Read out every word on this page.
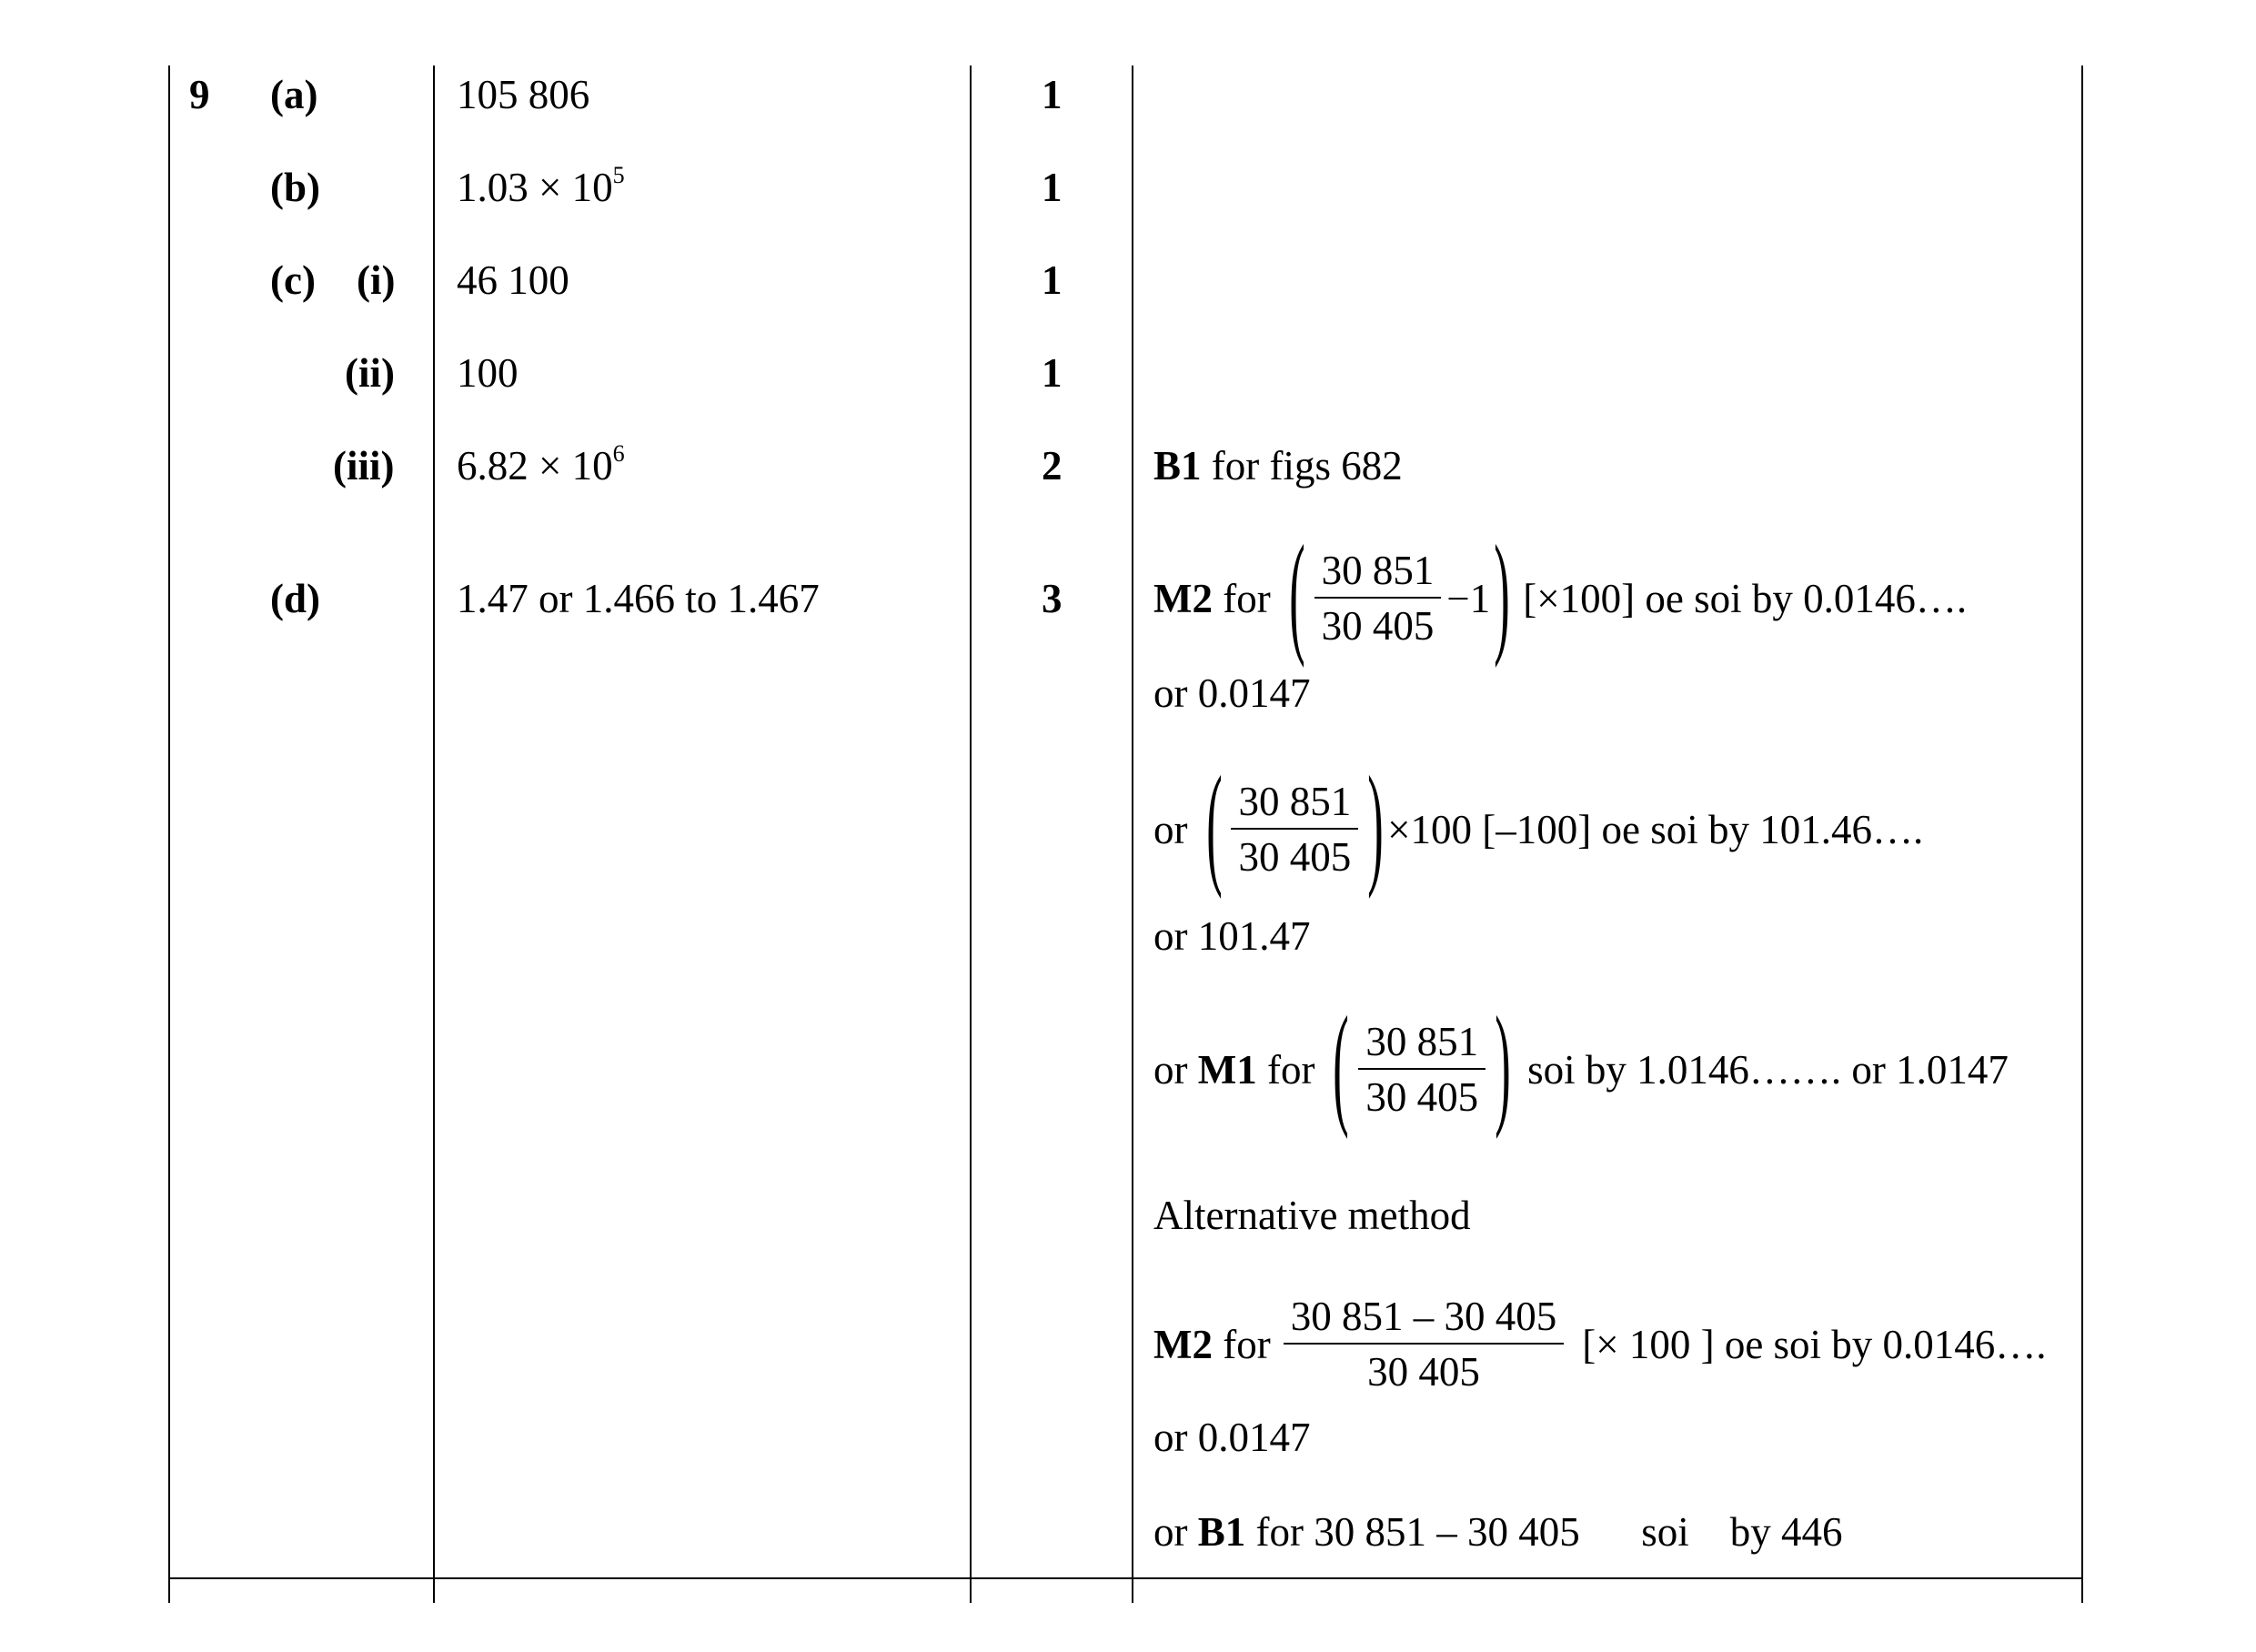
9 (a)	105 806	1
(b)	$1.03 \times 10^5$	1
(c) (i) 46 100	1
(ii) 100	1
(iii) $6.82 \times 10^6$	2 B1 for figs 682
(d)	1.47 or 1.466 to 1.467	3 M2
for ( $\frac{30 851}{30 405} -1$ ) [×100] oe soi by 0.0146….
or 0.0147
or ( $\frac{30 851}{30 405}$ ) ×100 [–100] oe soi by 101.46….
or 101.47
or
M1
for ( $\frac{30 851}{30 405}$ ) soi by 1.0146……. or 1.0147
Alternative method
M2
for $\frac{30 851 - 30 405}{30 405}$ [× 100 ] oe soi by 0.0146….
or 0.0147
or B1 for 30 851 – 30 405      soi    by 446
